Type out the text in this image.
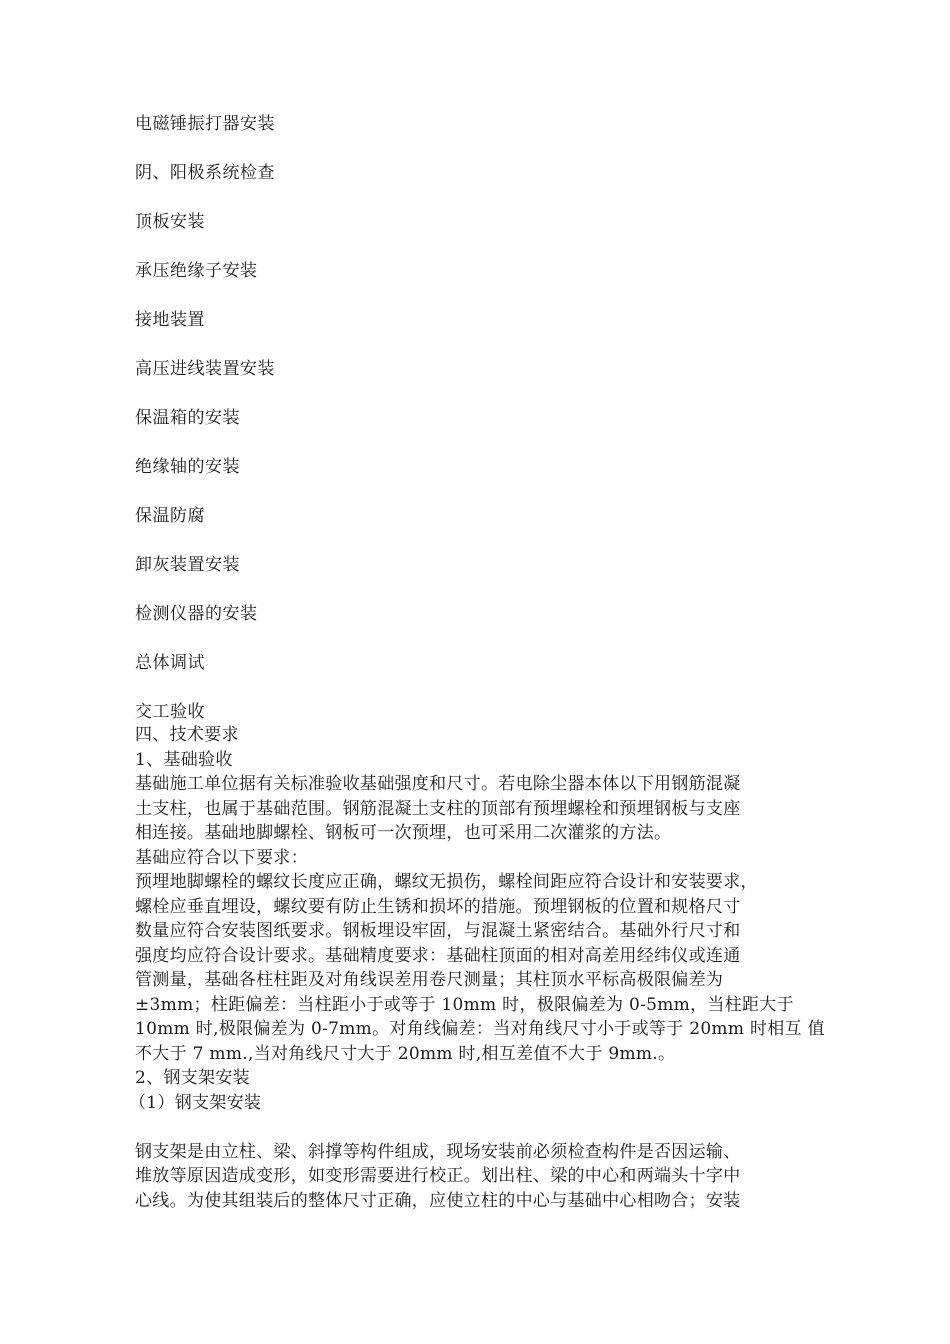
电磁锤振打器安装
阴、阳极系统检查
顶板安装
承压绝缘子安装
接地装置
高压进线装置安装
保温箱的安装
绝缘轴的安装
保温防腐
卸灰装置安装
检测仪器的安装
总体调试
交工验收
四、技术要求
1、基础验收
基础施工单位据有关标准验收基础强度和尺寸。若电除尘器本体以下用钢筋混凝
土支柱，也属于基础范围。钢筋混凝土支柱的顶部有预埋螺栓和预埋钢板与支座
相连接。基础地脚螺栓、钢板可一次预埋，也可采用二次灌浆的方法。
基础应符合以下要求：
预埋地脚螺栓的螺纹长度应正确，螺纹无损伤，螺栓间距应符合设计和安装要求，
螺栓应垂直埋设，螺纹要有防止生锈和损坏的措施。预埋钢板的位置和规格尺寸
数量应符合安装图纸要求。钢板埋设牢固，与混凝土紧密结合。基础外行尺寸和
强度均应符合设计要求。基础精度要求：基础柱顶面的相对高差用经纬仪或连通
管测量，基础各柱柱距及对角线误差用卷尺测量；其柱顶水平标高极限偏差为
±3mm；柱距偏差：当柱距小于或等于 10mm 时，极限偏差为 0-5mm，当柱距大于
10mm 时,极限偏差为 0-7mm。对角线偏差：当对角线尺寸小于或等于 20mm 时相互 值
不大于 7 mm.,当对角线尺寸大于 20mm 时,相互差值不大于 9mm.。
2、钢支架安装
（1）钢支架安装
钢支架是由立柱、梁、斜撑等构件组成，现场安装前必须检查构件是否因运输、
堆放等原因造成变形，如变形需要进行校正。划出柱、梁的中心和两端头十字中
心线。为使其组装后的整体尺寸正确，应使立柱的中心与基础中心相吻合；安装
